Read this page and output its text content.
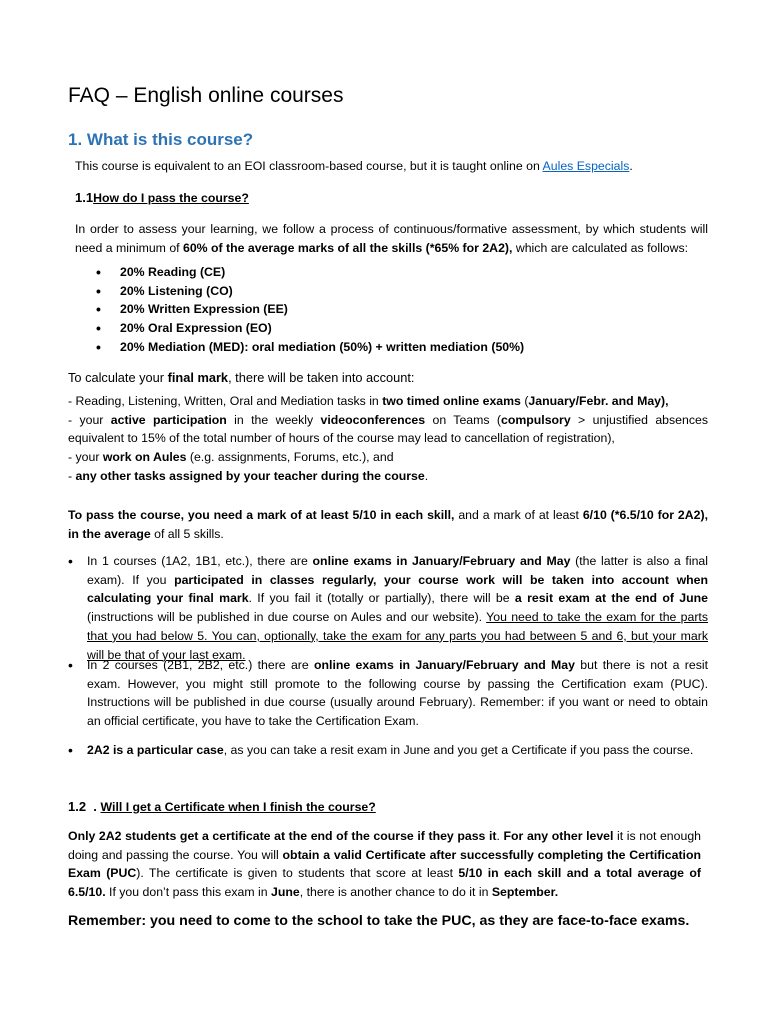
FAQ – English online courses
1. What is this course?
This course is equivalent to an EOI classroom-based course, but it is taught online on Aules Especials.
1.1How do I pass the course?
In order to assess your learning, we follow a process of continuous/formative assessment, by which students will need a minimum of 60% of the average marks of all the skills (*65% for 2A2), which are calculated as follows:
• 20% Reading (CE)
• 20% Listening (CO)
• 20% Written Expression (EE)
• 20% Oral Expression (EO)
• 20% Mediation (MED): oral mediation (50%) + written mediation (50%)
To calculate your final mark, there will be taken into account:
- Reading, Listening, Written, Oral and Mediation tasks in two timed online exams (January/Febr. and May),
- your active participation in the weekly videoconferences on Teams (compulsory > unjustified absences equivalent to 15% of the total number of hours of the course may lead to cancellation of registration),
- your work on Aules (e.g. assignments, Forums, etc.), and
- any other tasks assigned by your teacher during the course.
To pass the course, you need a mark of at least 5/10 in each skill, and a mark of at least 6/10 (*6.5/10 for 2A2), in the average of all 5 skills.
• In 1 courses (1A2, 1B1, etc.), there are online exams in January/February and May (the latter is also a final exam). If you participated in classes regularly, your course work will be taken into account when calculating your final mark. If you fail it (totally or partially), there will be a resit exam at the end of June (instructions will be published in due course on Aules and our website). You need to take the exam for the parts that you had below 5. You can, optionally, take the exam for any parts you had between 5 and 6, but your mark will be that of your last exam.
• In 2 courses (2B1, 2B2, etc.) there are online exams in January/February and May but there is not a resit exam. However, you might still promote to the following course by passing the Certification exam (PUC). Instructions will be published in due course (usually around February). Remember: if you want or need to obtain an official certificate, you have to take the Certification Exam.
• 2A2 is a particular case, as you can take a resit exam in June and you get a Certificate if you pass the course.
1.2  . Will I get a Certificate when I finish the course?
Only 2A2 students get a certificate at the end of the course if they pass it. For any other level it is not enough doing and passing the course. You will obtain a valid Certificate after successfully completing the Certification Exam (PUC). The certificate is given to students that score at least 5/10 in each skill and a total average of 6.5/10. If you don’t pass this exam in June, there is another chance to do it in September.
Remember: you need to come to the school to take the PUC, as they are face-to-face exams.
